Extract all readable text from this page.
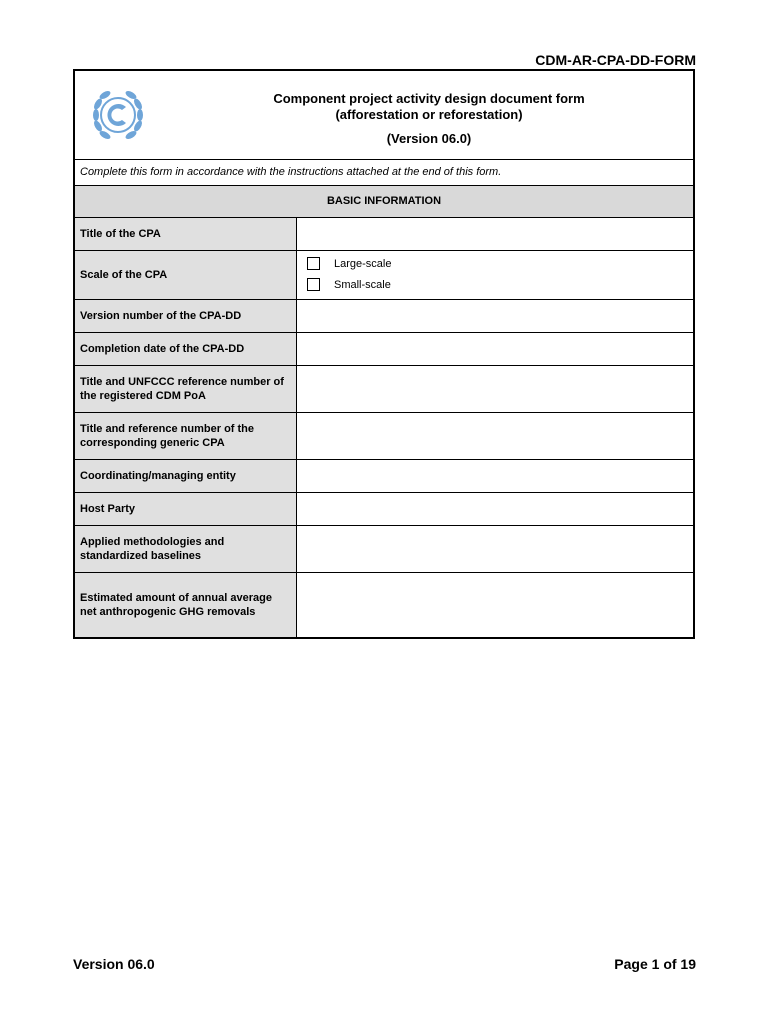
CDM-AR-CPA-DD-FORM
Component project activity design document form
(afforestation or reforestation)
(Version 06.0)
Complete this form in accordance with the instructions attached at the end of this form.
BASIC INFORMATION
Title of the CPA
Scale of the CPA
Large-scale
Small-scale
Version number of the CPA-DD
Completion date of the CPA-DD
Title and UNFCCC reference number of the registered CDM PoA
Title and reference number of the corresponding generic CPA
Coordinating/managing entity
Host Party
Applied methodologies and standardized baselines
Estimated amount of annual average net anthropogenic GHG removals
Version 06.0	Page 1 of 19
